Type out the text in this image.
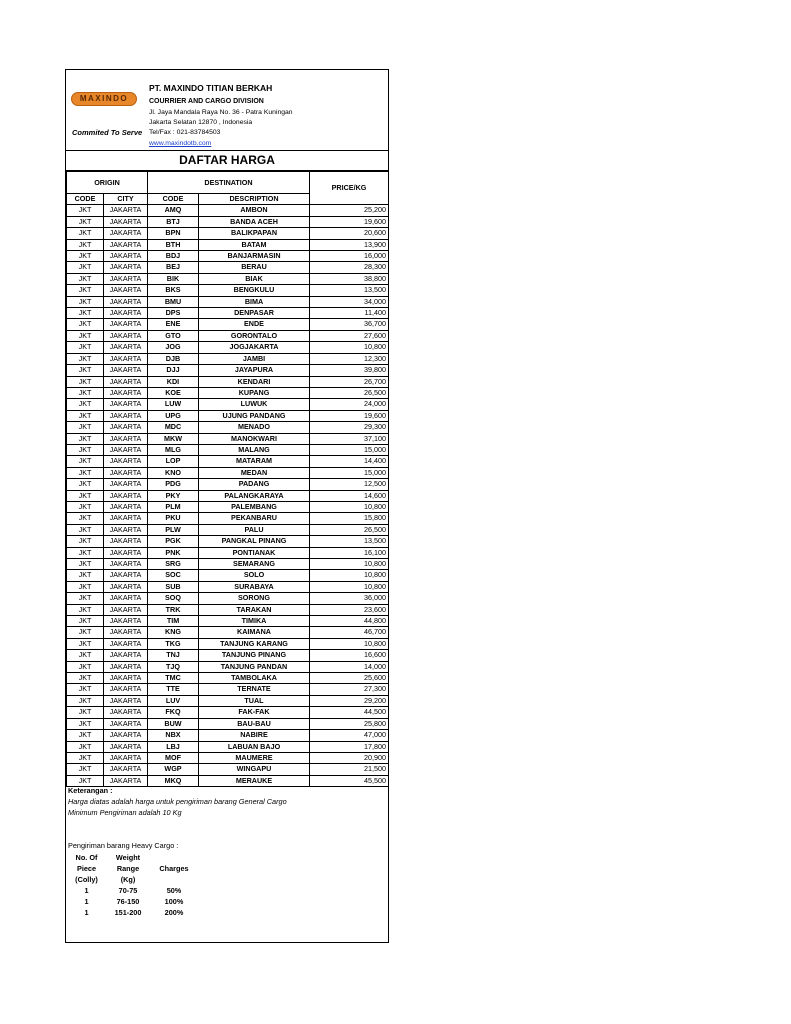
MAXINDO
Commited To Serve
PT. MAXINDO TITIAN BERKAH
COURRIER AND CARGO DIVISION
Jl. Jaya Mandala Raya No. 36 - Patra Kuningan
Jakarta Selatan 12870 , Indonesia
Tel/Fax : 021-83784503
www.maxindotb.com
DAFTAR HARGA
ORIGIN		DESTINATION		PRICE/KG
CODE	CITY	CODE	DESCRIPTION	
JKT	JAKARTA	AMQ	AMBON	25,200
JKT	JAKARTA	BTJ	BANDA ACEH	19,600
JKT	JAKARTA	BPN	BALIKPAPAN	20,600
JKT	JAKARTA	BTH	BATAM	13,900
JKT	JAKARTA	BDJ	BANJARMASIN	16,000
JKT	JAKARTA	BEJ	BERAU	28,300
JKT	JAKARTA	BIK	BIAK	38,800
JKT	JAKARTA	BKS	BENGKULU	13,500
JKT	JAKARTA	BMU	BIMA	34,000
JKT	JAKARTA	DPS	DENPASAR	11,400
JKT	JAKARTA	ENE	ENDE	36,700
JKT	JAKARTA	GTO	GORONTALO	27,600
JKT	JAKARTA	JOG	JOGJAKARTA	10,800
JKT	JAKARTA	DJB	JAMBI	12,300
JKT	JAKARTA	DJJ	JAYAPURA	39,800
JKT	JAKARTA	KDI	KENDARI	26,700
JKT	JAKARTA	KOE	KUPANG	26,500
JKT	JAKARTA	LUW	LUWUK	24,000
JKT	JAKARTA	UPG	UJUNG PANDANG	19,600
JKT	JAKARTA	MDC	MENADO	29,300
JKT	JAKARTA	MKW	MANOKWARI	37,100
JKT	JAKARTA	MLG	MALANG	15,000
JKT	JAKARTA	LOP	MATARAM	14,400
JKT	JAKARTA	KNO	MEDAN	15,000
JKT	JAKARTA	PDG	PADANG	12,500
JKT	JAKARTA	PKY	PALANGKARAYA	14,600
JKT	JAKARTA	PLM	PALEMBANG	10,800
JKT	JAKARTA	PKU	PEKANBARU	15,800
JKT	JAKARTA	PLW	PALU	26,500
JKT	JAKARTA	PGK	PANGKAL PINANG	13,500
JKT	JAKARTA	PNK	PONTIANAK	16,100
JKT	JAKARTA	SRG	SEMARANG	10,800
JKT	JAKARTA	SOC	SOLO	10,800
JKT	JAKARTA	SUB	SURABAYA	10,800
JKT	JAKARTA	SOQ	SORONG	36,000
JKT	JAKARTA	TRK	TARAKAN	23,600
JKT	JAKARTA	TIM	TIMIKA	44,800
JKT	JAKARTA	KNG	KAIMANA	46,700
JKT	JAKARTA	TKG	TANJUNG KARANG	10,800
JKT	JAKARTA	TNJ	TANJUNG PINANG	16,600
JKT	JAKARTA	TJQ	TANJUNG PANDAN	14,000
JKT	JAKARTA	TMC	TAMBOLAKA	25,600
JKT	JAKARTA	TTE	TERNATE	27,300
JKT	JAKARTA	LUV	TUAL	29,200
JKT	JAKARTA	FKQ	FAK-FAK	44,500
JKT	JAKARTA	BUW	BAU-BAU	25,800
JKT	JAKARTA	NBX	NABIRE	47,000
JKT	JAKARTA	LBJ	LABUAN BAJO	17,800
JKT	JAKARTA	MOF	MAUMERE	20,900
JKT	JAKARTA	WGP	WINGAPU	21,500
JKT	JAKARTA	MKQ	MERAUKE	45,500
Keterangan :
Harga diatas adalah harga untuk pengiriman barang General Cargo
Minimum Pengiriman adalah 10 Kg
Pengiriman barang Heavy Cargo :
No. Of	Weight	Charges
Piece	Range	
(Colly)	(Kg)	
1	70-75	50%
1	76-150	100%
1	151-200	200%
